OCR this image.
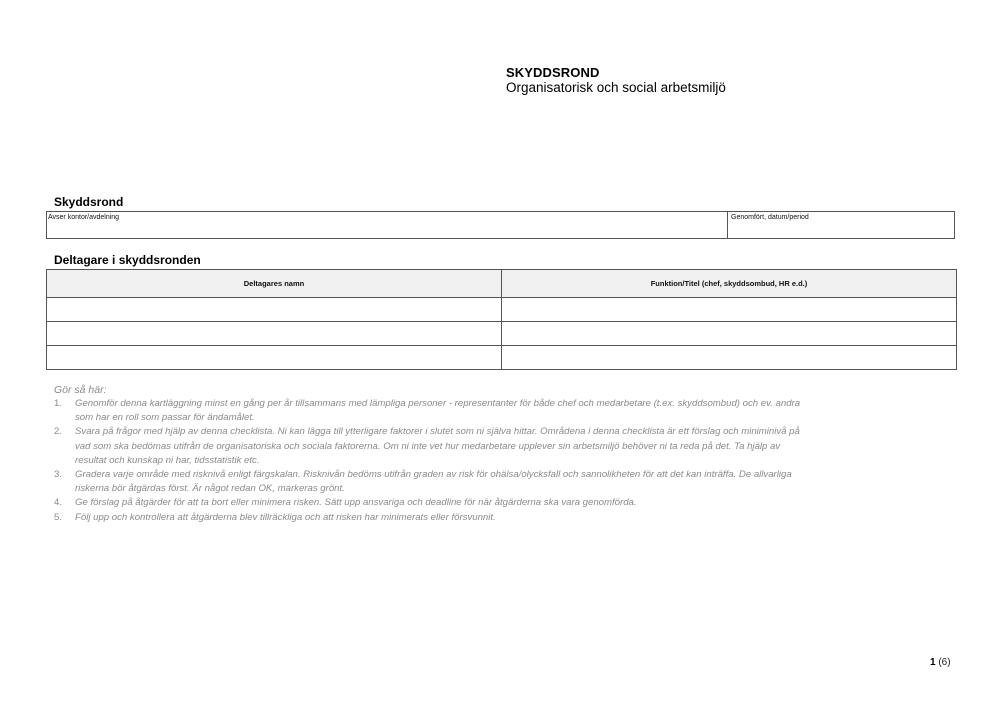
SKYDDSROND
Organisatorisk och social arbetsmiljö
Skyddsrond
Avser kontor/avdelning	Genomfört, datum/period
Deltagare i skyddsronden
Deltagares namn	Funktion/Titel (chef, skyddsombud, HR e.d.)

Gör så här:
1. Genomför denna kartläggning minst en gång per år tillsammans med lämpliga personer - representanter för både chef och medarbetare (t.ex. skyddsombud) och ev. andra som har en roll som passar för ändamålet.
2. Svara på frågor med hjälp av denna checklista. Ni kan lägga till ytterligare faktorer i slutet som ni själva hittar. Områdena i denna checklista är ett förslag och miniminivå på vad som ska bedömas utifrån de organisatoriska och sociala faktorerna. Om ni inte vet hur medarbetare upplever sin arbetsmiljö behöver ni ta reda på det. Ta hjälp av resultat och kunskap ni har, tidsstatistik etc.
3. Gradera varje område med risknivå enligt färgskalan. Risknivån bedöms utifrån graden av risk för ohälsa/olycksfall och sannolikheten för att det kan inträffa. De allvarliga riskerna bör åtgärdas först. Är något redan OK, markeras grönt.
4. Ge förslag på åtgärder för att ta bort eller minimera risken. Sätt upp ansvariga och deadline för när åtgärderna ska vara genomförda.
5. Följ upp och kontrollera att åtgärderna blev tillräckliga och att risken har minimerats eller försvunnit.
1 (6)
